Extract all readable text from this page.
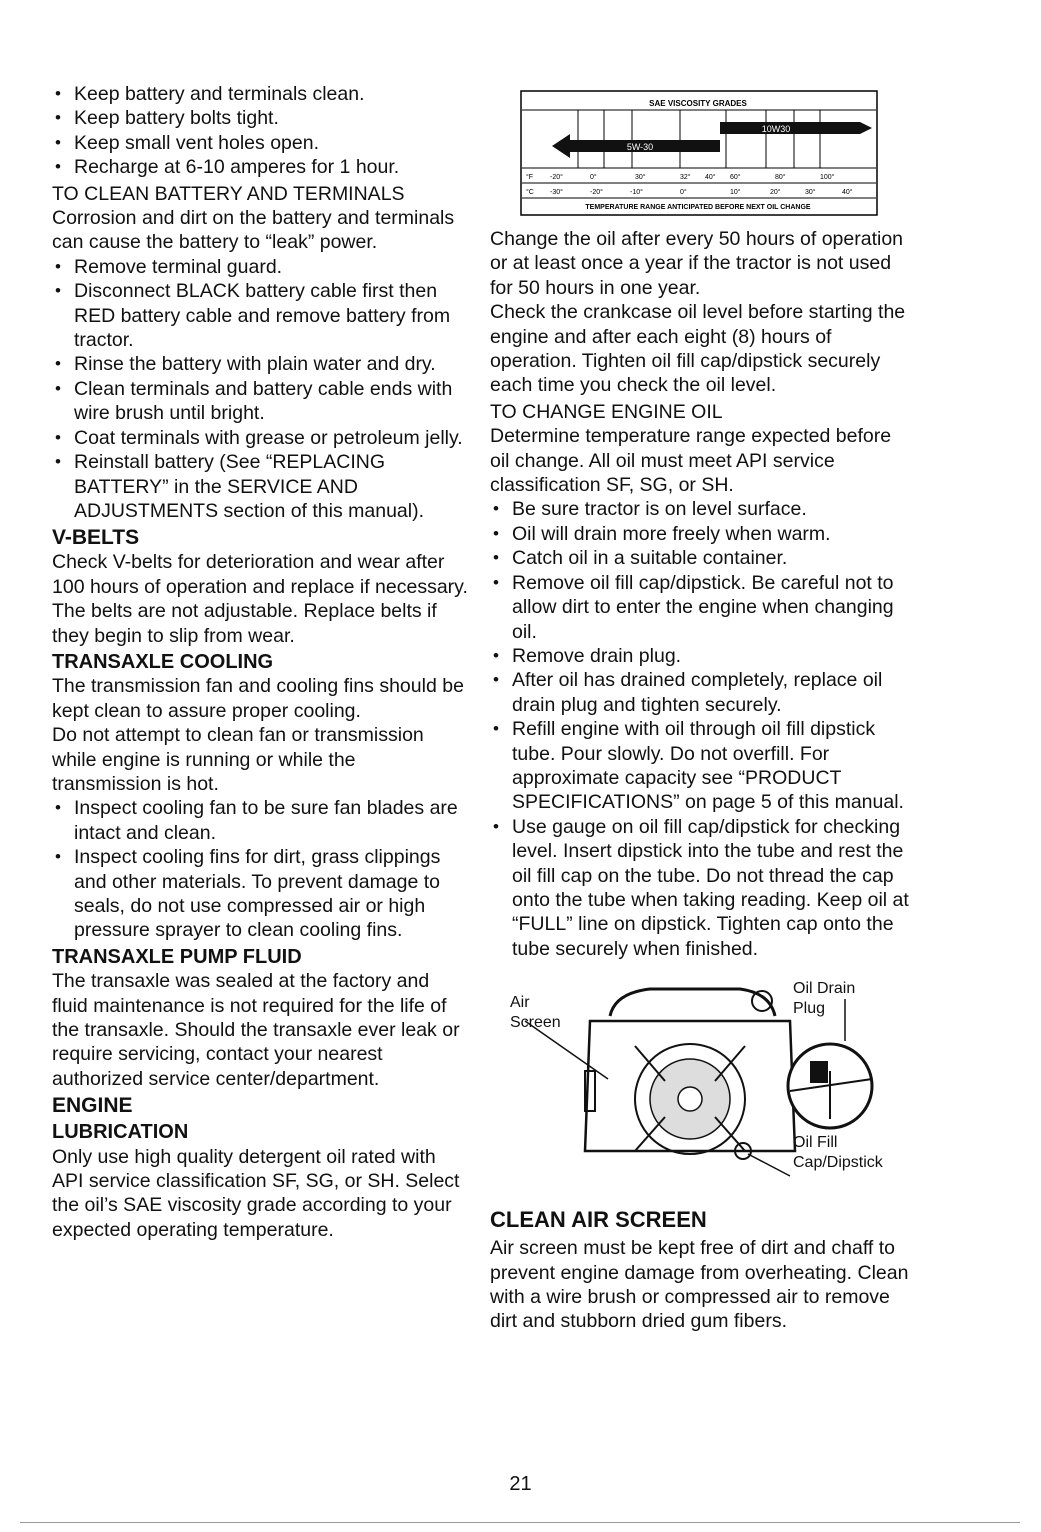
• Keep battery and terminals clean.
• Keep battery bolts tight.
• Keep small vent holes open.
• Recharge at 6-10 amperes for 1 hour.
TO CLEAN BATTERY AND TERMINALS

Corrosion and dirt on the battery and terminals can cause the battery to “leak” power.

• Remove terminal guard.
• Disconnect BLACK battery cable first then RED battery cable and remove battery from tractor.
• Rinse the battery with plain water and dry.
• Clean terminals and battery cable ends with wire brush until bright.
• Coat terminals with grease or petroleum jelly.
• Reinstall battery (See “REPLACING BATTERY” in the SERVICE AND ADJUSTMENTS section of this manual).
V-BELTS

Check V-belts for deterioration and wear after 100 hours of operation and replace if necessary. The belts are not adjustable. Replace belts if they begin to slip from wear.

TRANSAXLE COOLING

The transmission fan and cooling fins should be kept clean to assure proper cooling.

Do not attempt to clean fan or transmission while engine is running or while the transmission is hot.

• Inspect cooling fan to be sure fan blades are intact and clean.
• Inspect cooling fins for dirt, grass clippings and other materials. To prevent damage to seals, do not use compressed air or high pressure sprayer to clean cooling fins.
TRANSAXLE PUMP FLUID

The transaxle was sealed at the factory and fluid maintenance is not required for the life of the transaxle. Should the transaxle ever leak or require servicing, contact your nearest authorized service center/department.

ENGINE
LUBRICATION

Only use high quality detergent oil rated with API service classification SF, SG, or SH. Select the oil’s SAE viscosity grade according to your expected operating temperature.

SAE VISCOSITY GRADES
5W-30
10W30
°F -20°	0°	30°	32° 40° 60°	80°	100°
°C -30°	-20°	-10°	0°	10°	20°	30°	40°
TEMPERATURE RANGE ANTICIPATED BEFORE NEXT OIL CHANGE

Change the oil after every 50 hours of operation or at least once a year if the tractor is not used for 50 hours in one year.

Check the crankcase oil level before starting the engine and after each eight (8) hours of operation. Tighten oil fill cap/dipstick securely each time you check the oil level.

TO CHANGE ENGINE OIL

Determine temperature range expected before oil change. All oil must meet API service classification SF, SG, or SH.

• Be sure tractor is on level surface.
• Oil will drain more freely when warm.
• Catch oil in a suitable container.
• Remove oil fill cap/dipstick. Be careful not to allow dirt to enter the engine when changing oil.
• Remove drain plug.
• After oil has drained completely, replace oil drain plug and tighten securely.
• Refill engine with oil through oil fill dipstick tube. Pour slowly. Do not overfill. For approximate capacity see “PRODUCT SPECIFICATIONS” on page 5 of this manual.
• Use gauge on oil fill cap/dipstick for checking level. Insert dipstick into the tube and rest the oil fill cap on the tube. Do not thread the cap onto the tube when taking reading. Keep oil at “FULL” line on dipstick. Tighten cap onto the tube securely when finished.
Air
Screen
Oil Drain
Plug
Oil Fill
Cap/Dipstick
CLEAN AIR SCREEN

Air screen must be kept free of dirt and chaff to prevent engine damage from overheating. Clean with a wire brush or compressed air to remove dirt and stubborn dried gum fibers.

21
